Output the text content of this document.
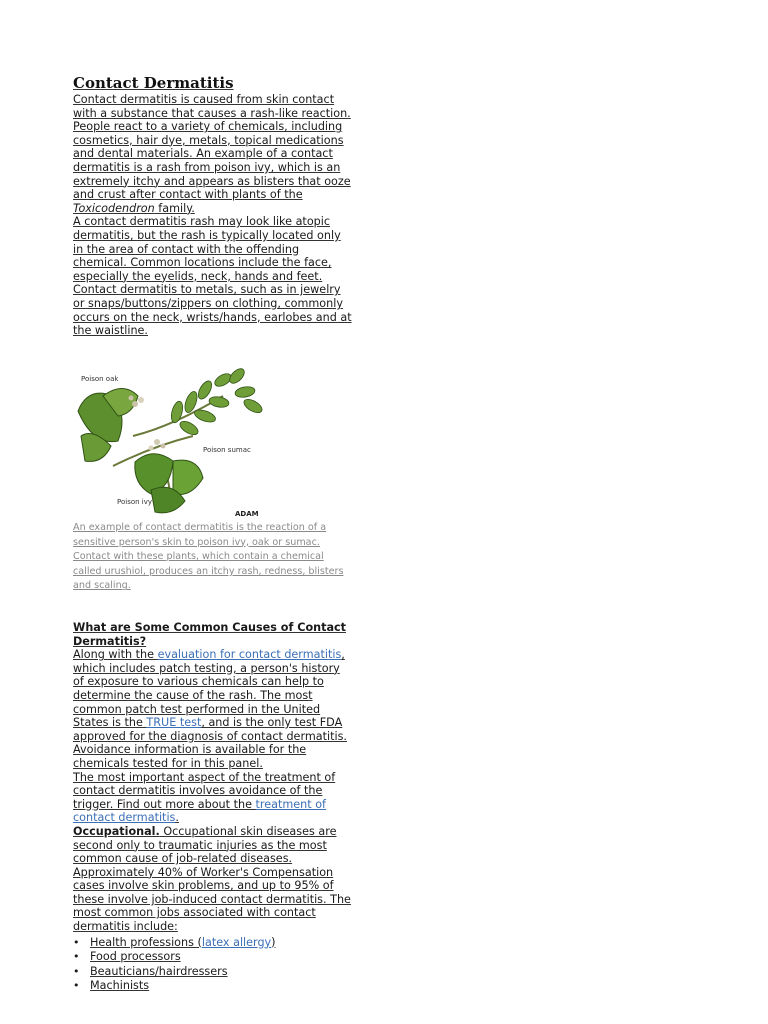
Contact Dermatitis

Contact dermatitis is caused from skin contact with a substance that causes a rash-like reaction. People react to a variety of chemicals, including cosmetics, hair dye, metals, topical medications and dental materials. An example of a contact dermatitis is a rash from poison ivy, which is an extremely itchy and appears as blisters that ooze and crust after contact with plants of the Toxicodendron family.

A contact dermatitis rash may look like atopic dermatitis, but the rash is typically located only in the area of contact with the offending chemical. Common locations include the face, especially the eyelids, neck, hands and feet.

Contact dermatitis to metals, such as in jewelry or snaps/buttons/zippers on clothing, commonly occurs on the neck, wrists/hands, earlobes and at the waistline.

Poison oak
Poison sumac
Poison ivy
ADAM

An example of contact dermatitis is the reaction of a sensitive person's skin to poison ivy, oak or sumac. Contact with these plants, which contain a chemical called urushiol, produces an itchy rash, redness, blisters and scaling.

What are Some Common Causes of Contact Dermatitis?

Along with the evaluation for contact dermatitis, which includes patch testing, a person's history of exposure to various chemicals can help to determine the cause of the rash. The most common patch test performed in the United States is the TRUE test, and is the only test FDA approved for the diagnosis of contact dermatitis. Avoidance information is available for the chemicals tested for in this panel.

The most important aspect of the treatment of contact dermatitis involves avoidance of the trigger. Find out more about the treatment of contact dermatitis.

Occupational. Occupational skin diseases are second only to traumatic injuries as the most common cause of job-related diseases. Approximately 40% of Worker's Compensation cases involve skin problems, and up to 95% of these involve job-induced contact dermatitis. The most common jobs associated with contact dermatitis include:

• Health professions (latex allergy)
• Food processors
• Beauticians/hairdressers
• Machinists
